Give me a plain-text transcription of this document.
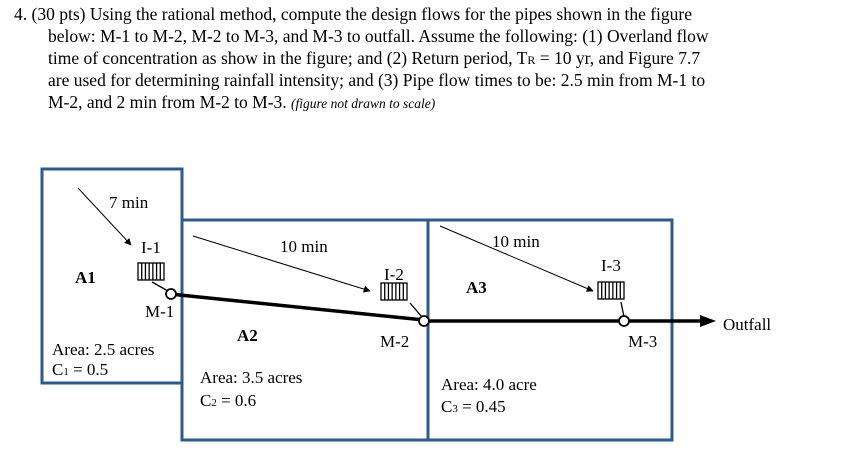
4. (30 pts) Using the rational method, compute the design flows for the pipes shown in the figure
below: M-1 to M-2, M-2 to M-3, and M-3 to outfall. Assume the following: (1) Overland flow
time of concentration as show in the figure; and (2) Return period, TR = 10 yr, and Figure 7.7
are used for determining rainfall intensity; and (3) Pipe flow times to be: 2.5 min from M-1 to
M-2, and 2 min from M-2 to M-3. (figure not drawn to scale)
7 min
10 min	10 min
I-1
I-2	I-3
A1
A2
A3
M-1
M-2	M-3
Outfall
Area: 2.5 acres
C1 = 0.5	Area: 3.5 acres
C2 = 0.6
Area: 4.0 acre
C3 = 0.45
